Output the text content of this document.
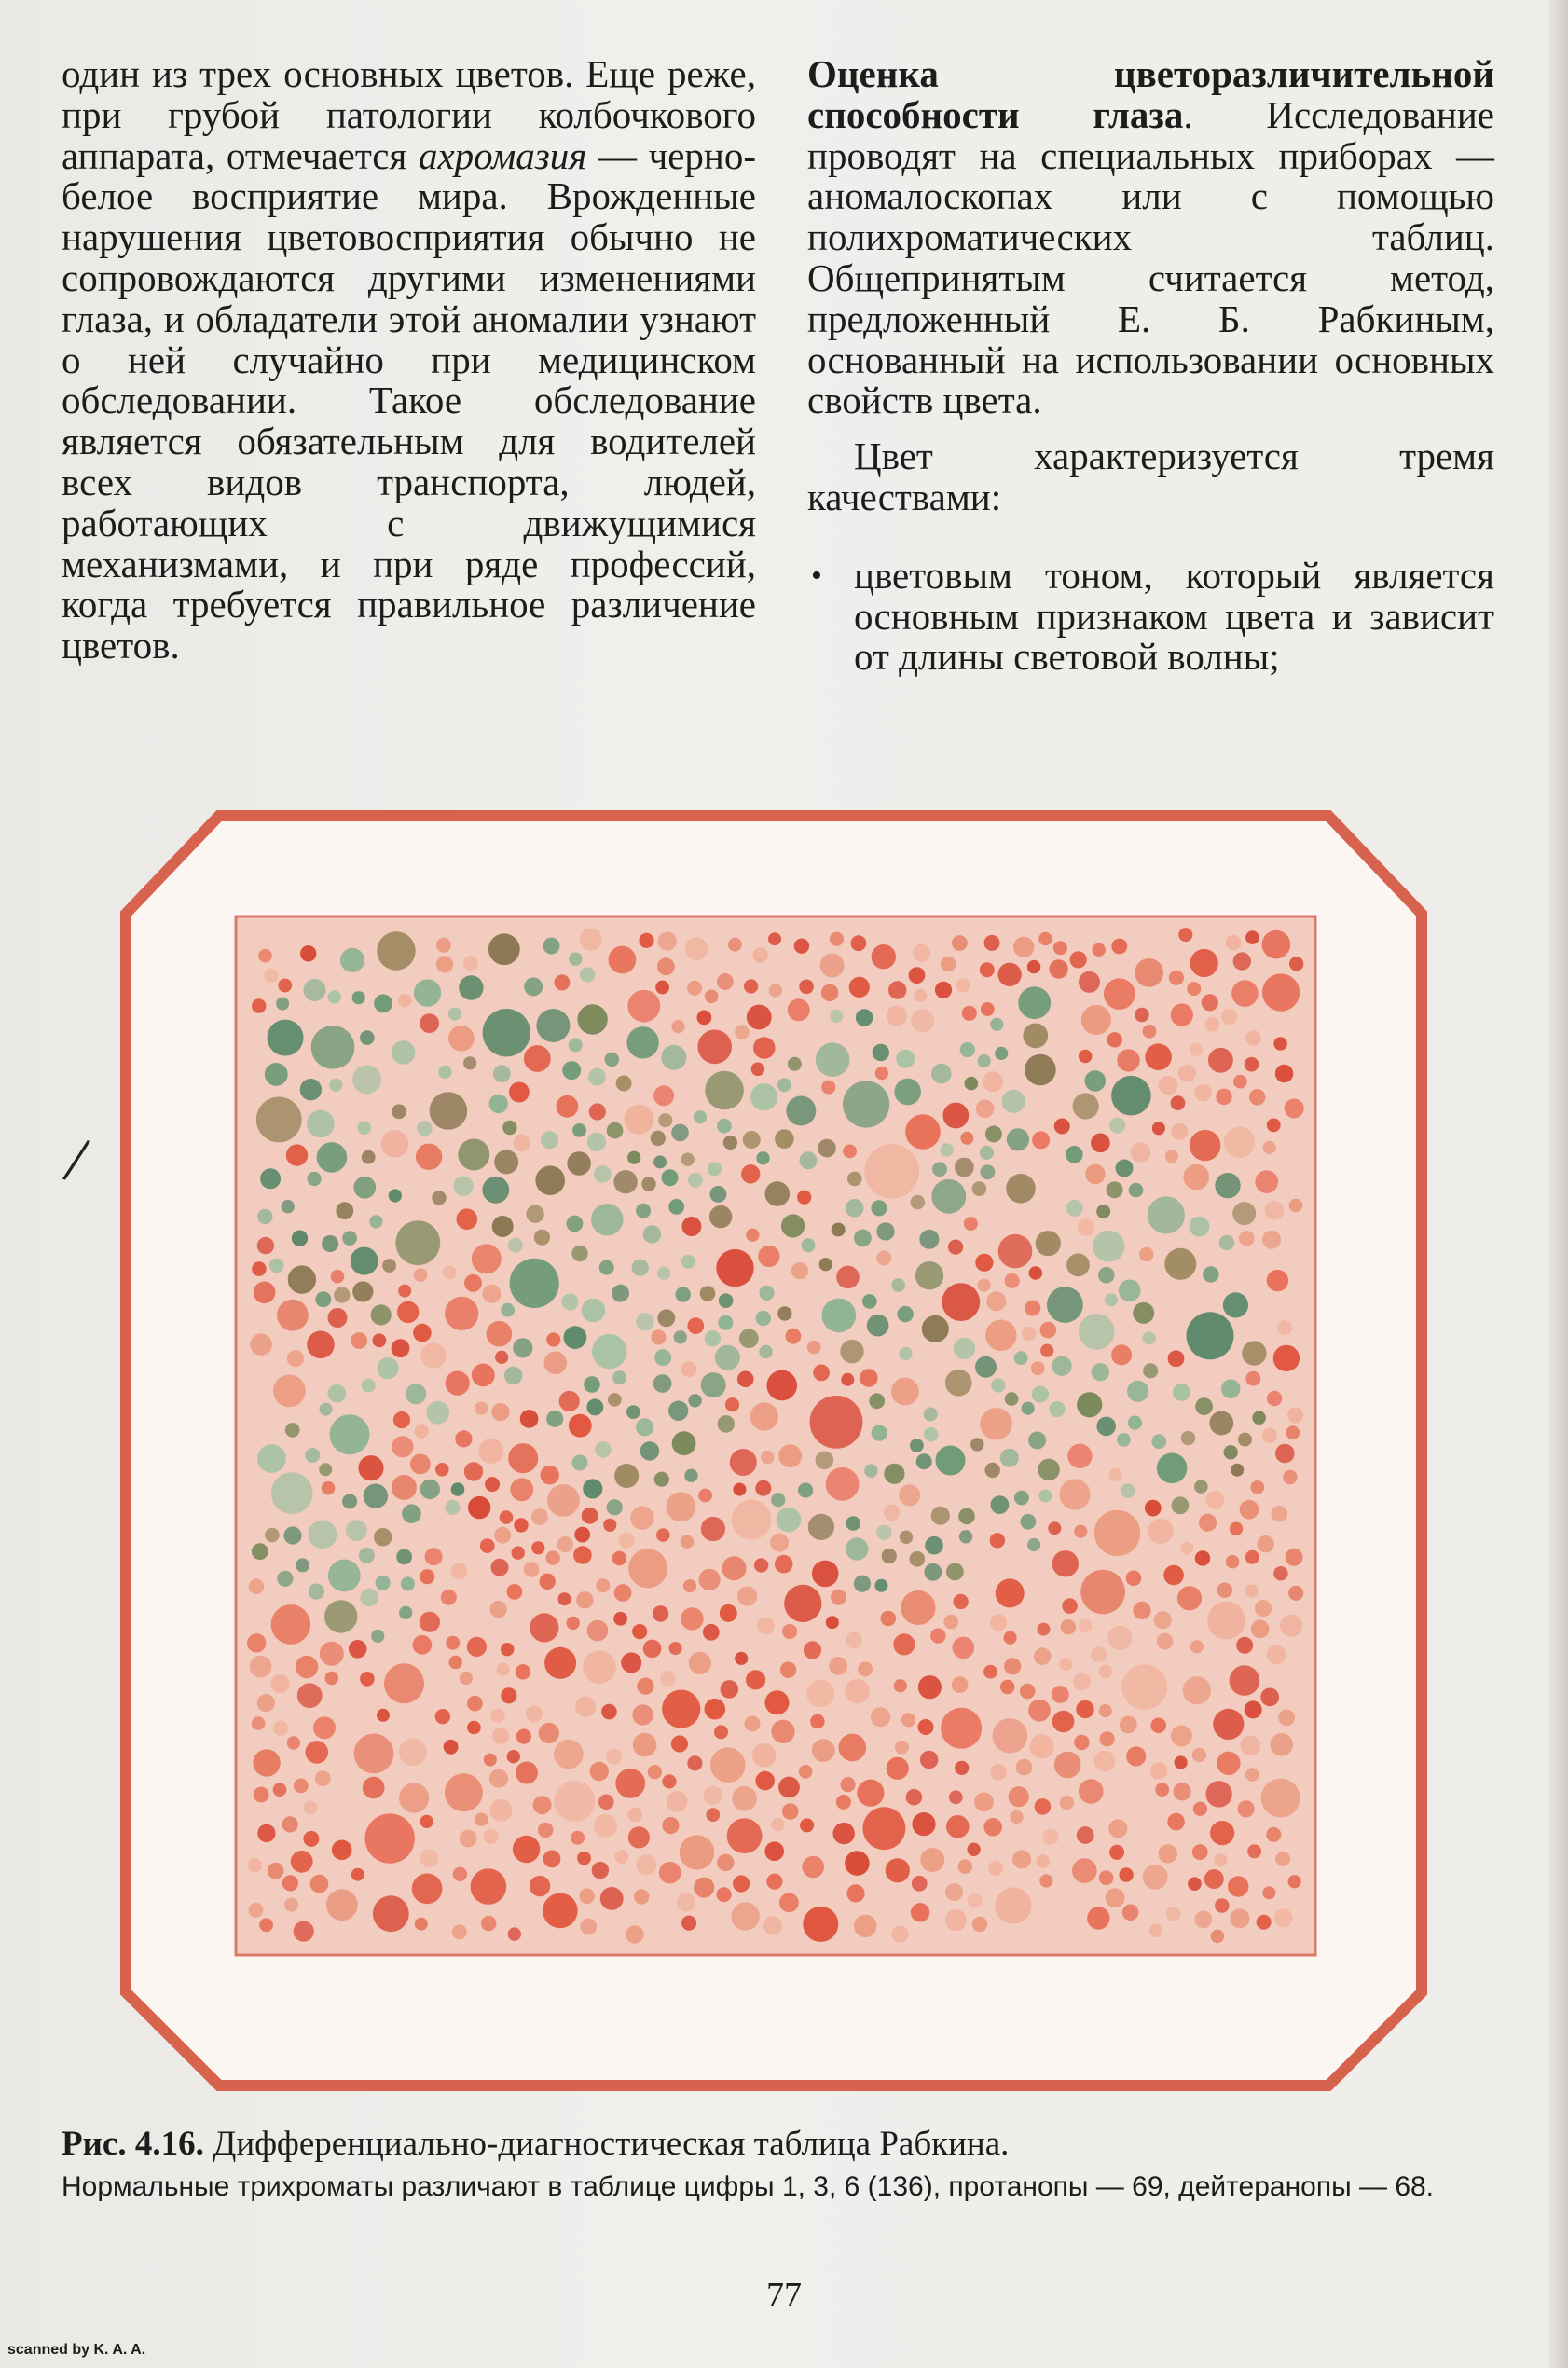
один из трех основных цветов. Еще реже, при грубой патологии колбочкового аппарата, отмечается ахромазия — черно-белое восприятие мира. Врожденные нарушения цветовосприятия обычно не сопровождаются другими изменениями глаза, и обладатели этой аномалии узнают о ней случайно при медицинском обследовании. Такое обследование является обязательным для водителей всех видов транспорта, людей, работающих с движущимися механизмами, и при ряде профессий, когда требуется правильное различение цветов.

Оценка цветоразличительной способности глаза. Исследование проводят на специальных приборах — аномалоскопах или с помощью полихроматических таблиц. Общепринятым считается метод, предложенный Е. Б. Рабкиным, основанный на использовании основных свойств цвета.

Цвет характеризуется тремя качествами:

• цветовым тоном, который является основным признаком цвета и зависит от длины световой волны;
/
Рис. 4.16. Дифференциально-диагностическая таблица Рабкина.
Нормальные трихроматы различают в таблице цифры 1, 3, 6 (136), протанопы — 69, дейтеранопы — 68.
77
scanned by K. A. A.
